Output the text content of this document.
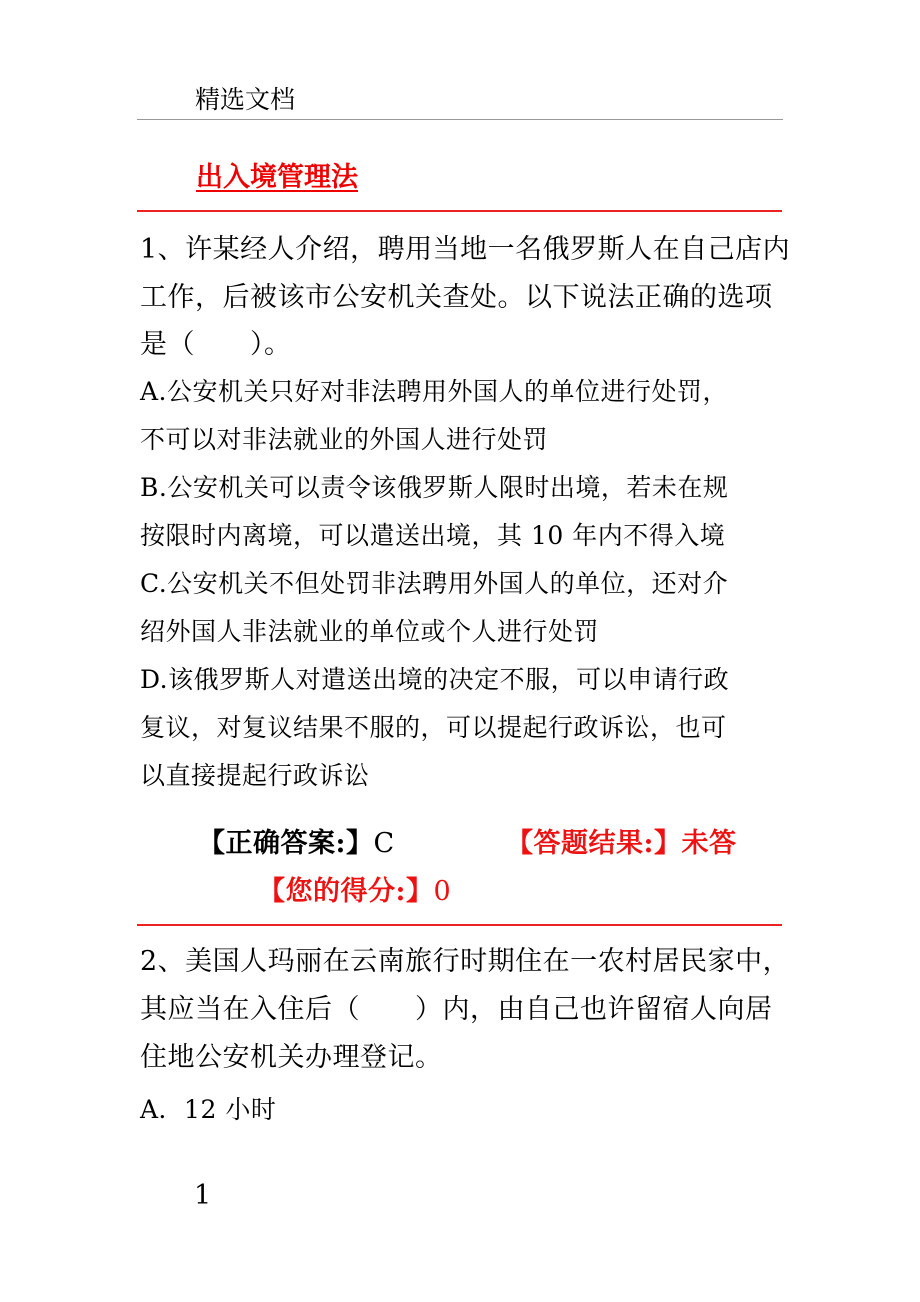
精选文档
出入境管理法
1、许某经人介绍，聘用当地一名俄罗斯人在自己店内
工作，后被该市公安机关查处。以下说法正确的选项
是（　　）。
A.公安机关只好对非法聘用外国人的单位进行处罚，
不可以对非法就业的外国人进行处罚
B.公安机关可以责令该俄罗斯人限时出境，若未在规
按限时内离境，可以遣送出境，其 10 年内不得入境
C.公安机关不但处罚非法聘用外国人的单位，还对介
绍外国人非法就业的单位或个人进行处罚
D.该俄罗斯人对遣送出境的决定不服，可以申请行政
复议，对复议结果不服的，可以提起行政诉讼，也可
以直接提起行政诉讼
【正确答案:】C	【答题结果:】未答
【您的得分:】0
2、美国人玛丽在云南旅行时期住在一农村居民家中，
其应当在入住后（　　）内，由自己也许留宿人向居
住地公安机关办理登记。
A．12 小时
1
